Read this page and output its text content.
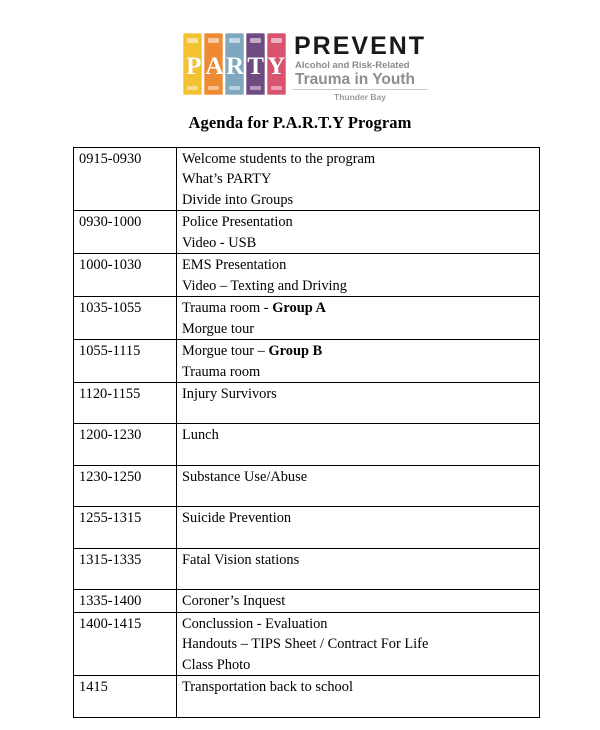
P A R T Y
PREVENT
Alcohol and Risk-Related
Trauma in Youth
Thunder Bay
Agenda for P.A.R.T.Y Program
0915-0930	Welcome students to the program
What’s PARTY
Divide into Groups

0930-1000	Police Presentation
Video - USB

1000-1030	EMS Presentation
Video – Texting and Driving

1035-1055	Trauma room - Group A
Morgue tour

1055-1115	Morgue tour – Group B
Trauma room

1120-1155	Injury Survivors

1200-1230	Lunch

1230-1250	Substance Use/Abuse

1255-1315	Suicide Prevention

1315-1335	Fatal Vision stations

1335-1400	Coroner’s Inquest

1400-1415	Conclussion - Evaluation
Handouts – TIPS Sheet / Contract For Life
Class Photo

1415	Transportation back to school
